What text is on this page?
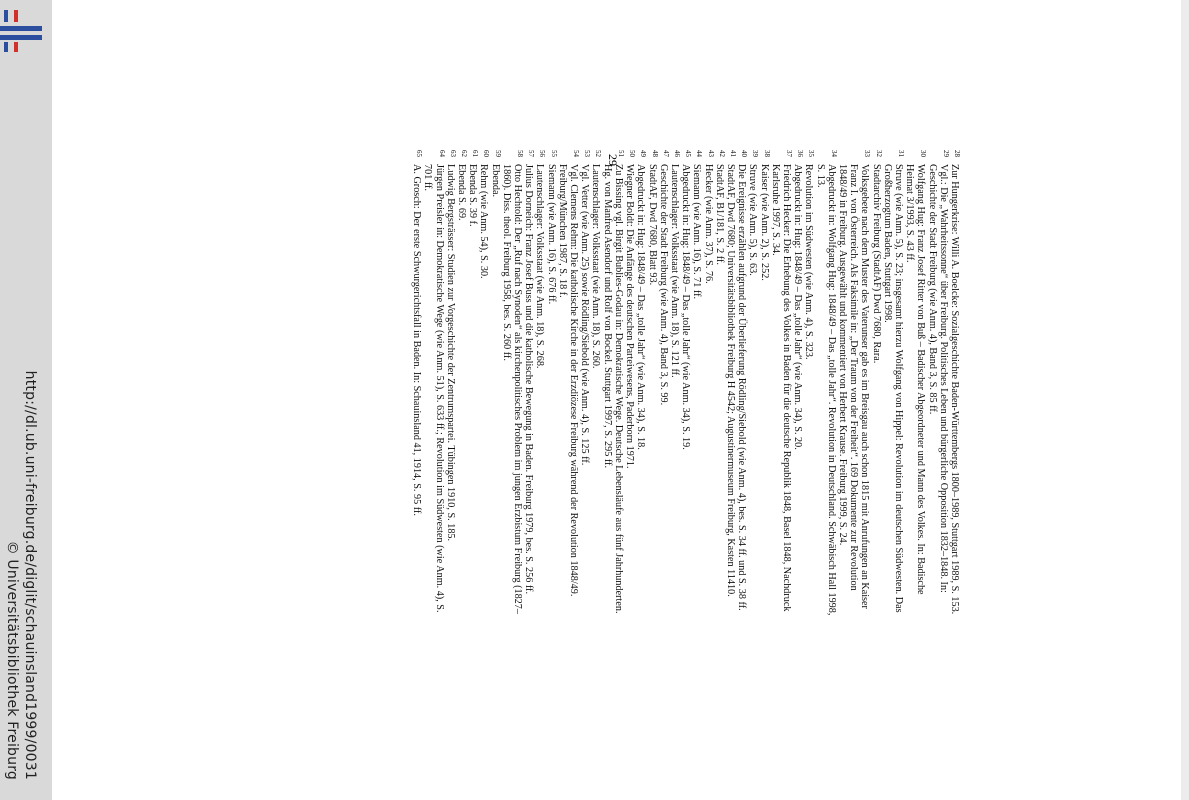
http://dl.ub.uni-freiburg.de/diglit/schauinsland1999/0031
© Universitätsbibliothek Freiburg
28
Zur Hungerkrise: Willi A. Boelcke: Sozialgeschichte Baden-Württembergs 1800–1989, Stuttgart 1989, S. 153.
29
Vgl.: Die „Wahrheitssonne“ über Freiburg. Politisches Leben und bürgerliche Opposition 1832–1848. In: Geschichte der Stadt Freiburg (wie Anm. 4), Band 3, S. 85 ff.
30
Wolfgang Hug: Franz Josef Ritter von Buß – Badischer Abgeordneter und Mann des Volkes. In: Badische Heimat 3/1993, S. 43 ff.
31
Struve (wie Anm. 5), S. 23; insgesamt hierzu Wolfgang von Hippel: Revolution im deutschen Südwesten. Das Großherzogtum Baden, Stuttgart 1998.
32
Stadtarchiv Freiburg (StadtAF) Dwd 7680, Rara.
33
Volksgebete nach dem Muster des Vaterunser gab es im Breisgau auch schon 1815 mit Anrufungen an Kaiser Franz I. von Österreich. Als Faksimile in: „Der Traum von der Freiheit“. 169 Dokumente zur Revolution 1848/49 in Freiburg. Ausgewählt und kommentiert von Herbert Krause. Freiburg 1999, S. 24.
34
Abgedruckt in: Wolfgang Hug: 1848/49 – Das „tolle Jahr“. Revolution in Deutschland. Schwäbisch Hall 1998, S. 13.
35
Revolution im Südwesten (wie Anm. 4), S. 323.
36
Abgedruckt in: Hug: 1848/49 – Das „tolle Jahr“ (wie Anm. 34), S. 20.
37
Friedrich Hecker: Die Erhebung des Volkes in Baden für die deutsche Republik 1848, Basel 1848, Nachdruck Karlsruhe 1997, S. 34.
38
Kaiser (wie Anm. 2), S. 252.
39
Struve (wie Anm. 5), S. 63.
40
Die Ereignisse erzählen aufgrund der Überlieferung Rödling/Siebold (wie Anm. 4), bes. S. 34 ff. und S. 38 ff.
41
StadtAF, Dwd 7680; Universitätsbibliothek Freiburg H 4542; Augustinermuseum Freiburg, Kasten 11410.
42
StadtAF, B1/181, S. 2 ff.
43
Hecker (wie Anm. 37), S. 76.
44
Siemann (wie Anm. 16), S. 71 ff.
45
Abgedruckt in: Hug: 1848/49 – Das „tolle Jahr“ (wie Anm. 34), S. 19.
46
Lautenschlager: Volksstaat (wie Anm. 18), S. 121 ff.
47
Geschichte der Stadt Freiburg (wie Anm. 4), Band 3, S. 99.
48
StadtAF, Dwd 7680, Blatt 93.
49
Abgedruckt in: Hug: 1848/49 – Das „tolle Jahr“ (wie Anm. 34), S. 18.
50
Wiegner Boldt: Die Anfänge des deutschen Parteiwesens, Paderborn 1971.
51
Zu Bissing vgl. Birgit Bublies-Godau in: Demokratische Wege. Deutsche Lebensläufe aus fünf Jahrhunderten. Hg. von Manfred Asendorf und Rolf von Bockel. Stuttgart 1997, S. 295 ff.
52
Lautenschlager: Volksstaat (wie Anm. 18), S. 260.
53
Vgl. Vetter (wie Anm. 25) sowie Rödling/Siebold (wie Anm. 4), S. 125 ff.
54
Vgl. Clemens Rehm: Die katholische Kirche in der Erzdiözese Freiburg während der Revolution 1848/49. Freiburg/München 1987, S. 18 f.
55
Siemann (wie Anm. 16), S. 676 ff.
56
Lautenschlager: Volksstaat (wie Anm. 18), S. 268.
57
Julius Dorneich: Franz Josef Buss und die katholische Bewegung in Baden. Freiburg 1979, bes. S. 256 ff.
58
Otto Hechtold: Der „Ruf nach Synoden“ als kirchenpolitisches Problem im jungen Erzbistum Freiburg (1827–1860). Diss. theol. Freiburg 1958, bes. S. 260 ff.
59
Ebenda.
60
Rehm (wie Anm. 54), S. 30.
61
Ebenda S. 39 f.
62
Ebenda S. 69.
63
Ludwig Bergsträsser: Studien zur Vorgeschichte der Zentrumspartei. Tübingen 1910, S. 185.
64
Jürgen Preisler in: Demokratische Wege (wie Anm. 51), S. 633 ff.; Revolution im Südwesten (wie Anm. 4), S. 701 ff.
65
A. Grosch: Der erste Schwurgerichtsfall in Baden. In: Schauinsland 41, 1914, S. 95 ff.
29
